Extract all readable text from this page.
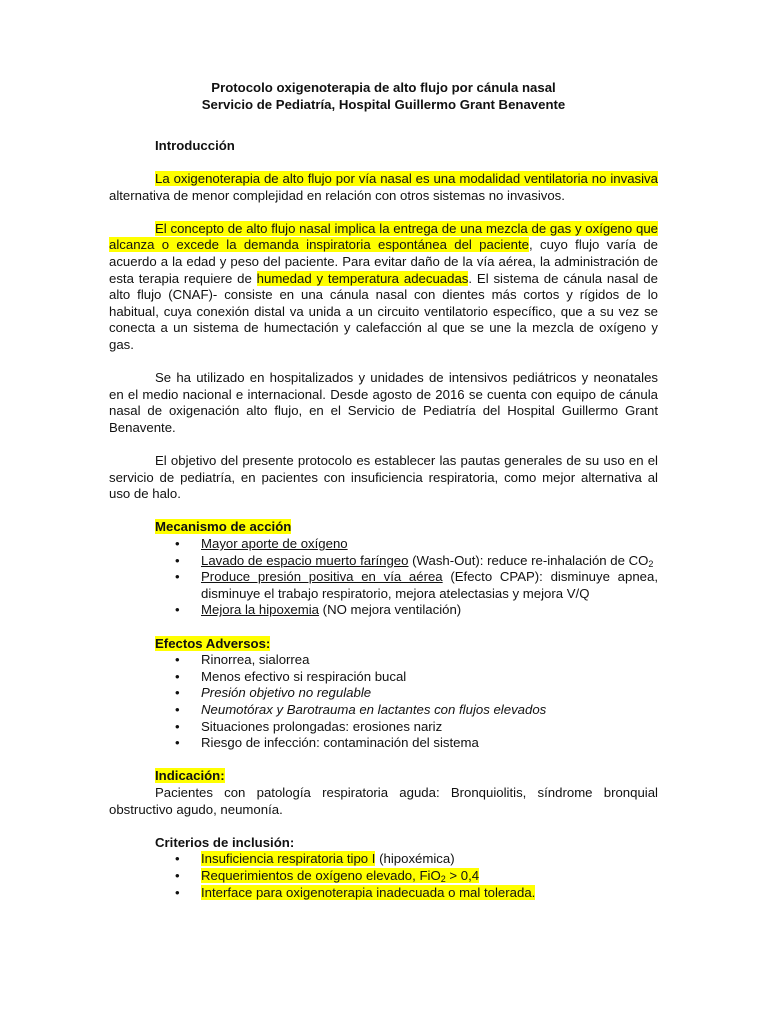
Protocolo oxigenoterapia de alto flujo por cánula nasal

Servicio de Pediatría, Hospital Guillermo Grant Benavente

Introducción

La oxigenoterapia de alto flujo por vía nasal es una modalidad ventilatoria no invasiva alternativa de menor complejidad en relación con otros sistemas no invasivos.

El concepto de alto flujo nasal implica la entrega de una mezcla de gas y oxígeno que alcanza o excede la demanda inspiratoria espontánea del paciente, cuyo flujo varía de acuerdo a la edad y peso del paciente. Para evitar daño de la vía aérea, la administración de esta terapia requiere de humedad y temperatura adecuadas. El sistema de cánula nasal de alto flujo (CNAF)- consiste en una cánula nasal con dientes más cortos y rígidos de lo habitual, cuya conexión distal va unida a un circuito ventilatorio específico, que a su vez se conecta a un sistema de humectación y calefacción al que se une la mezcla de oxígeno y gas.

Se ha utilizado en hospitalizados y unidades de intensivos pediátricos y neonatales en el medio nacional e internacional. Desde agosto de 2016 se cuenta con equipo de cánula nasal de oxigenación alto flujo, en el Servicio de Pediatría del Hospital Guillermo Grant Benavente.

El objetivo del presente protocolo es establecer las pautas generales de su uso en el servicio de pediatría, en pacientes con insuficiencia respiratoria, como mejor alternativa al uso de halo.

Mecanismo de acción

• Mayor aporte de oxígeno
• Lavado de espacio muerto faríngeo (Wash-Out): reduce re-inhalación de $CO_2$
• Produce presión positiva en vía aérea (Efecto CPAP): disminuye apnea, disminuye el trabajo respiratorio, mejora atelectasias y mejora V/Q
• Mejora la hipoxemia (NO mejora ventilación)

Efectos Adversos:

• Rinorrea, sialorrea
• Menos efectivo si respiración bucal
• Presión objetivo no regulable
• Neumotórax y Barotrauma en lactantes con flujos elevados
• Situaciones prolongadas: erosiones nariz
• Riesgo de infección: contaminación del sistema

Indicación:

Pacientes con patología respiratoria aguda: Bronquiolitis, síndrome bronquial obstructivo agudo, neumonía.

Criterios de inclusión:

• Insuficiencia respiratoria tipo I (hipoxémica)
• Requerimientos de oxígeno elevado, FiO$_2$ > 0,4
• Interface para oxigenoterapia inadecuada o mal tolerada.
